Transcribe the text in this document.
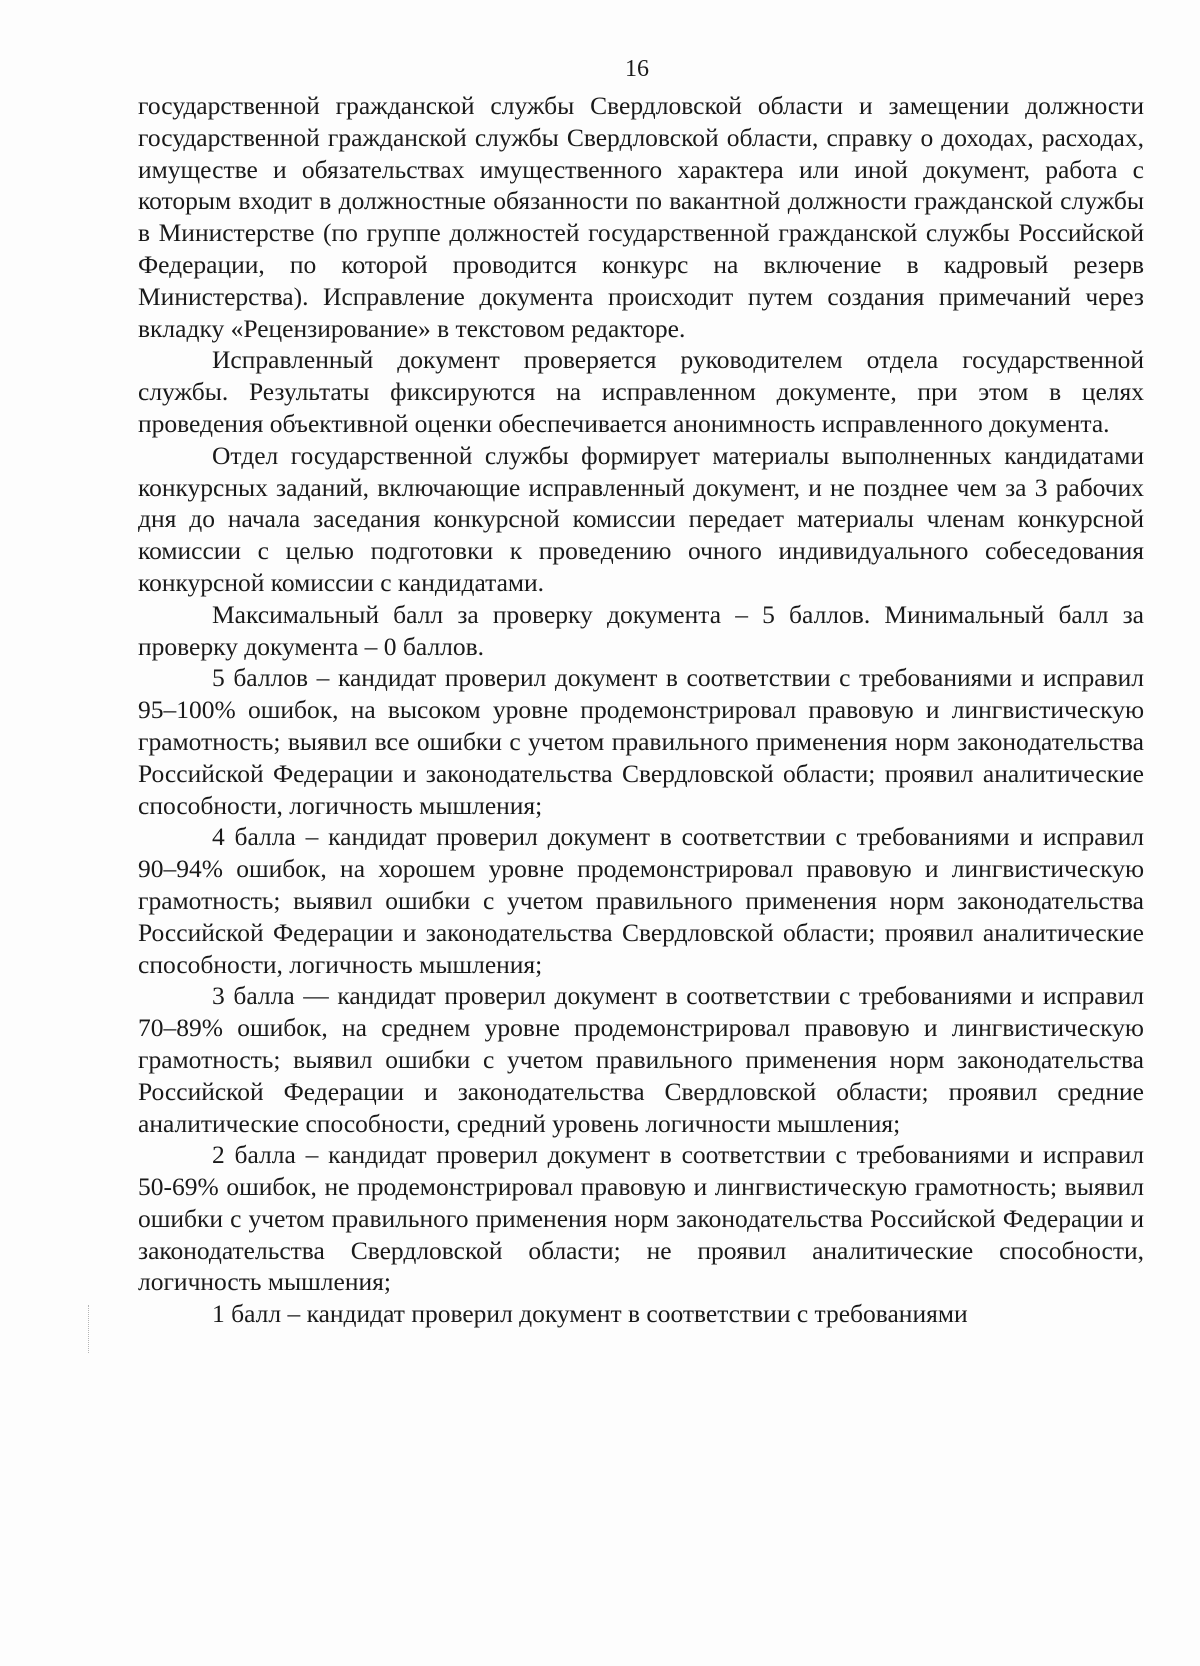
16

государственной гражданской службы Свердловской области и замещении должности государственной гражданской службы Свердловской области, справку о доходах, расходах, имуществе и обязательствах имущественного характера или иной документ, работа с которым входит в должностные обязанности по вакантной должности гражданской службы в Министерстве (по группе должностей государственной гражданской службы Российской Федерации, по которой проводится конкурс на включение в кадровый резерв Министерства). Исправление документа происходит путем создания примечаний через вкладку «Рецензирование» в текстовом редакторе.

Исправленный документ проверяется руководителем отдела государственной службы. Результаты фиксируются на исправленном документе, при этом в целях проведения объективной оценки обеспечивается анонимность исправленного документа.

Отдел государственной службы формирует материалы выполненных кандидатами конкурсных заданий, включающие исправленный документ, и не позднее чем за 3 рабочих дня до начала заседания конкурсной комиссии передает материалы членам конкурсной комиссии с целью подготовки к проведению очного индивидуального собеседования конкурсной комиссии с кандидатами.

Максимальный балл за проверку документа – 5 баллов. Минимальный балл за проверку документа – 0 баллов.

5 баллов – кандидат проверил документ в соответствии с требованиями и исправил 95–100% ошибок, на высоком уровне продемонстрировал правовую и лингвистическую грамотность; выявил все ошибки с учетом правильного применения норм законодательства Российской Федерации и законодательства Свердловской области; проявил аналитические способности, логичность мышления;

4 балла – кандидат проверил документ в соответствии с требованиями и исправил 90–94% ошибок, на хорошем уровне продемонстрировал правовую и лингвистическую грамотность; выявил ошибки с учетом правильного применения норм законодательства Российской Федерации и законодательства Свердловской области; проявил аналитические способности, логичность мышления;

3 балла — кандидат проверил документ в соответствии с требованиями и исправил 70–89% ошибок, на среднем уровне продемонстрировал правовую и лингвистическую грамотность; выявил ошибки с учетом правильного применения норм законодательства Российской Федерации и законодательства Свердловской области; проявил средние аналитические способности, средний уровень логичности мышления;

2 балла – кандидат проверил документ в соответствии с требованиями и исправил 50-69% ошибок, не продемонстрировал правовую и лингвистическую грамотность; выявил ошибки с учетом правильного применения норм законодательства Российской Федерации и законодательства Свердловской области; не проявил аналитические способности, логичность мышления;

1 балл – кандидат проверил документ в соответствии с требованиями
